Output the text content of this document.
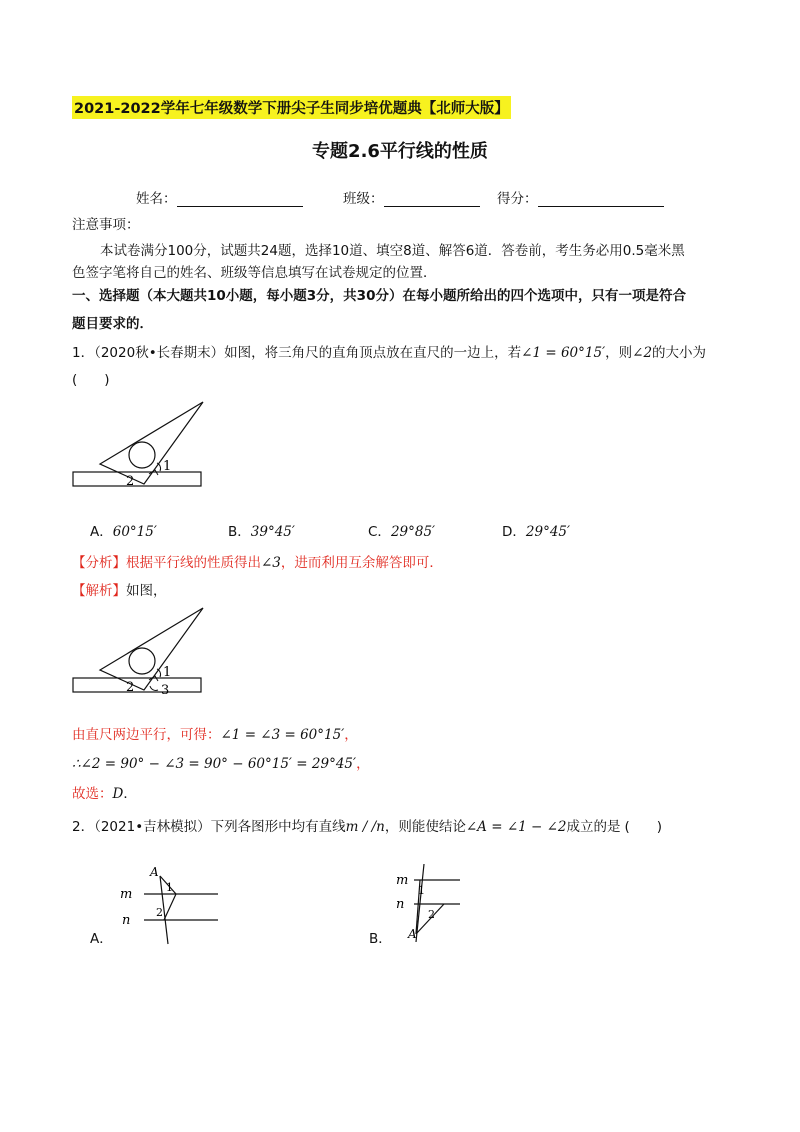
2021-2022学年七年级数学下册尖子生同步培优题典【北师大版】
专题2.6平行线的性质
姓名：	班级：	得分：
注意事项：
本试卷满分100分，试题共24题，选择10道、填空8道、解答6道．答卷前，考生务必用0.5毫米黑
色签字笔将自己的姓名、班级等信息填写在试卷规定的位置．
一、选择题（本大题共10小题，每小题3分，共30分）在每小题所给出的四个选项中，只有一项是符合
题目要求的．
1．（2020秋•长春期末）如图，将三角尺的直角顶点放在直尺的一边上，若∠1 = 60°15′，则∠2的大小为
(　　)
1
2
A．60°15′	B．39°45′	C．29°85′	D．29°45′
【分析】根据平行线的性质得出∠3，进而利用互余解答即可．
【解析】如图，
1
2 3
由直尺两边平行，可得：∠1 = ∠3 = 60°15′，
∴∠2 = 90° − ∠3 = 90° − 60°15′ = 29°45′，
故选：D．
2．（2021•吉林模拟）下列各图形中均有直线m / /n，则能使结论∠A = ∠1 − ∠2成立的是 (　　)
A
1
2
m
n
A．	A
1
2
m
n
B．
